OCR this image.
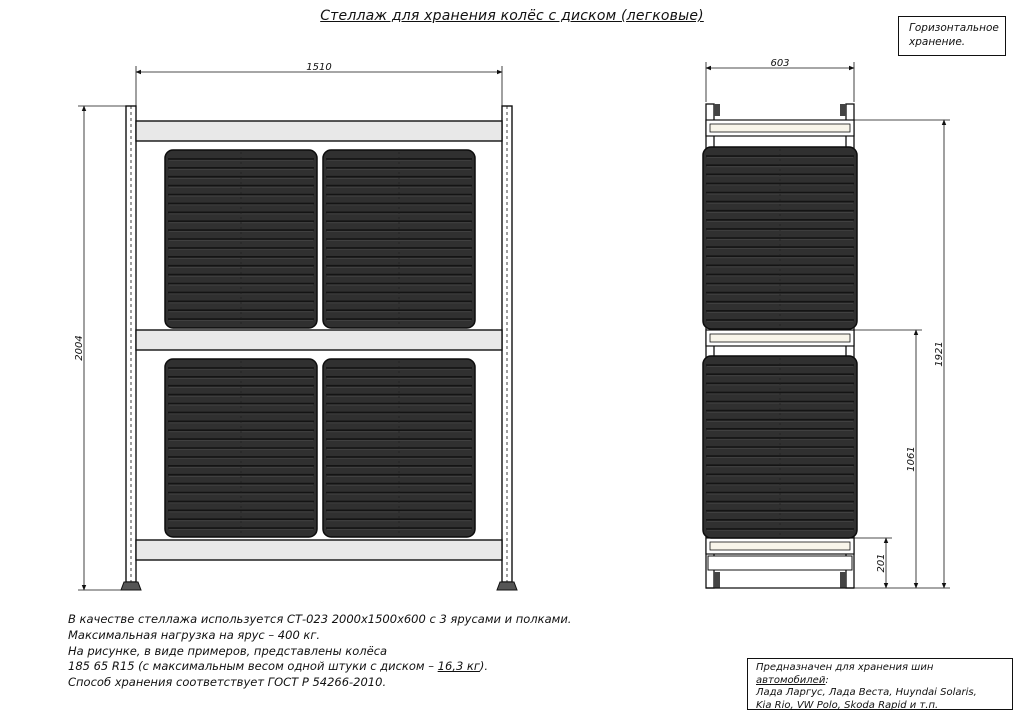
1510
2004
603
1921
1061
201
Стеллаж для хранения колёс с диском (легковые)
Горизонтальное
хранение.
В качестве стеллажа используется СТ-023 2000х1500х600 с 3 ярусами и полками.
Максимальная нагрузка на ярус – 400 кг.
На рисунке, в виде примеров, представлены колёса
185 65 R15 (с максимальным весом одной штуки с диском – 16,3 кг).
Способ хранения соответствует ГОСТ Р 54266-2010.
Предназначен для хранения шин автомобилей:
Лада Ларгус, Лада Веста, Huyndai Solaris,
Kia Rio, VW Polo, Skoda Rapid и т.п.
